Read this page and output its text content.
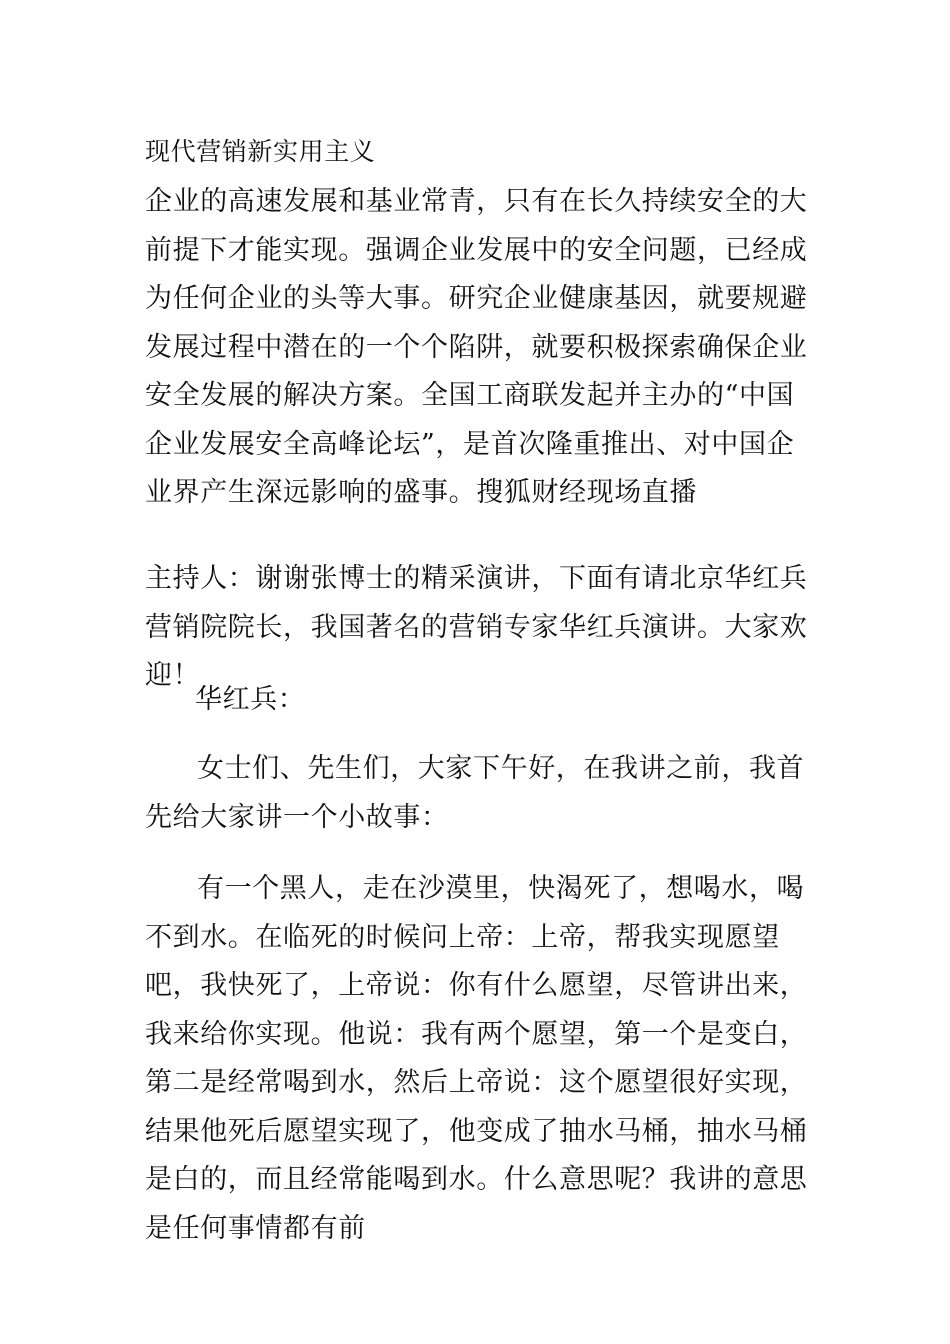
现代营销新实用主义

企业的高速发展和基业常青，只有在长久持续安全的大前提下才能实现。强调企业发展中的安全问题，已经成为任何企业的头等大事。研究企业健康基因，就要规避发展过程中潜在的一个个陷阱，就要积极探索确保企业安全发展的解决方案。全国工商联发起并主办的“中国企业发展安全高峰论坛”，是首次隆重推出、对中国企业界产生深远影响的盛事。搜狐财经现场直播

主持人：谢谢张博士的精采演讲，下面有请北京华红兵营销院院长，我国著名的营销专家华红兵演讲。大家欢迎！

华红兵：

女士们、先生们，大家下午好，在我讲之前，我首先给大家讲一个小故事：

有一个黑人，走在沙漠里，快渴死了，想喝水，喝不到水。在临死的时候问上帝：上帝，帮我实现愿望吧，我快死了，上帝说：你有什么愿望，尽管讲出来，我来给你实现。他说：我有两个愿望，第一个是变白，第二是经常喝到水，然后上帝说：这个愿望很好实现，结果他死后愿望实现了，他变成了抽水马桶，抽水马桶是白的，而且经常能喝到水。什么意思呢？我讲的意思是任何事情都有前
